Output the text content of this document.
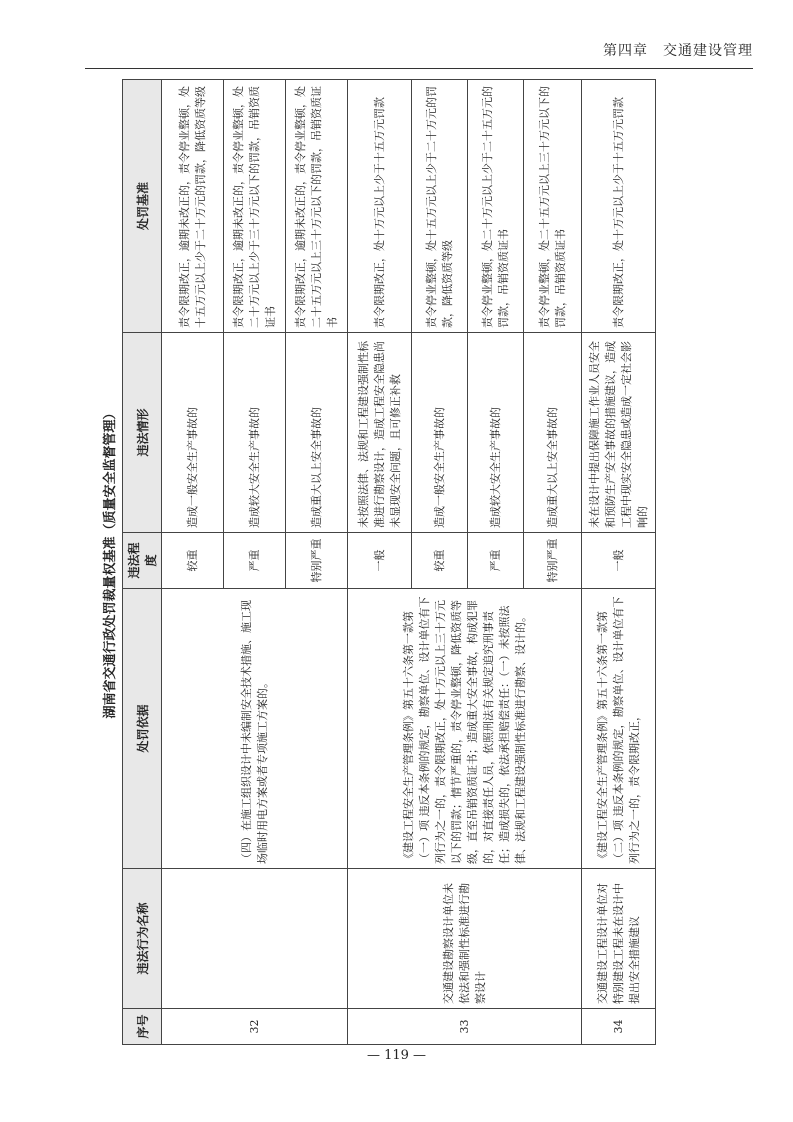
第四章　交通建设管理
湖南省交通行政处罚裁量权基准（质量安全监督管理）
序号	违法行为名称	处罚依据	违法程度	违法情形	处罚基准
32		（四）在施工组织设计中未编制安全技术措施、施工现场临时用电方案或者专项施工方案的。	较重	造成一般安全生产事故的	责令限期改正，逾期未改正的，责令停业整顿，处十五万元以上少于二十万元的罚款，降低资质等级
			严重	造成较大安全生产事故的	责令限期改正，逾期未改正的，责令停业整顿，处二十万元以上少于三十万元以下的罚款，吊销资质证书
			特别严重	造成重大以上安全事故的	责令限期改正，逾期未改正的，责令停业整顿，处二十五万元以上三十万元以下的罚款，吊销资质证书
33	交通建设勘察设计单位未依法和强制性标准进行勘察设计	《建设工程安全生产管理条例》第五十六条第一款第（一）项 违反本条例的规定，勘察单位、设计单位有下列行为之一的，责令限期改正，处十万元以上三十万元以下的罚款；情节严重的，责令停业整顿，降低资质等级，直至吊销资质证书；造成重大安全事故，构成犯罪的，对直接责任人员，依照刑法有关规定追究刑事责任；造成损失的，依法承担赔偿责任：（一）未按照法律、法规和工程建设强制性标准进行勘察、设计的。	一般	未按照法律、法规和工程建设强制性标准进行勘察设计，造成工程安全隐患尚未显现安全问题，且可修正补救	责令限期改正，处十万元以上少于十五万元罚款
			较重	造成一般安全生产事故的	责令停业整顿，处十五万元以上少于二十万元的罚款，降低资质等级
			严重	造成较大安全生产事故的	责令停业整顿，处二十万元以上少于二十五万元的罚款，吊销资质证书
			特别严重	造成重大以上安全事故的	责令停业整顿，处二十五万元以上三十万元以下的罚款，吊销资质证书
34	交通建设工程设计单位对特别建设工程未在设计中提出安全措施建议	《建设工程安全生产管理条例》第五十六条第一款第（二）项 违反本条例的规定，勘察单位、设计单位有下列行为之一的，责令限期改正，	一般	未在设计中提出保障施工作业人员安全和预防生产安全事故的措施建议，造成工程中现实安全隐患或造成一定社会影响的	责令限期改正，处十万元以上少于十五万元罚款
— 119 —
